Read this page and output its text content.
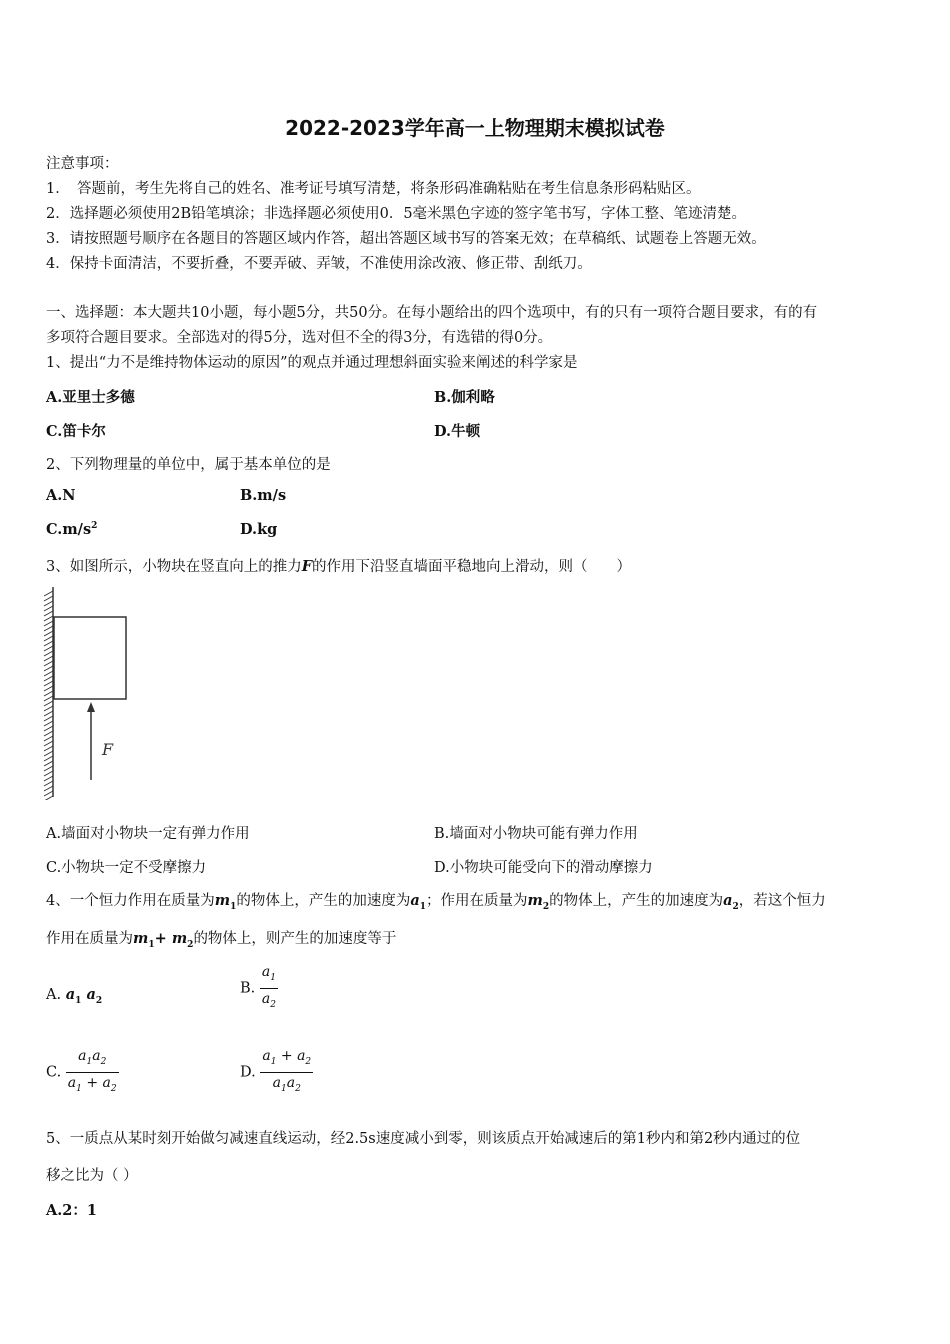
2022-2023学年高一上物理期末模拟试卷
注意事项：
1．　答题前，考生先将自己的姓名、准考证号填写清楚，将条形码准确粘贴在考生信息条形码粘贴区。
2．选择题必须使用2B铅笔填涂；非选择题必须使用0．5毫米黑色字迹的签字笔书写，字体工整、笔迹清楚。
3．请按照题号顺序在各题目的答题区域内作答，超出答题区域书写的答案无效；在草稿纸、试题卷上答题无效。
4．保持卡面清洁，不要折叠，不要弄破、弄皱，不准使用涂改液、修正带、刮纸刀。
一、选择题：本大题共10小题，每小题5分，共50分。在每小题给出的四个选项中，有的只有一项符合题目要求，有的有
多项符合题目要求。全部选对的得5分，选对但不全的得3分，有选错的得0分。
1、提出“力不是维持物体运动的原因”的观点并通过理想斜面实验来阐述的科学家是
A.亚里士多德	B.伽利略
C.笛卡尔	D.牛顿
2、下列物理量的单位中，属于基本单位的是
A.N	B.m/s
$C.m/s^2$	D.kg
3、如图所示，小物块在竖直向上的推力F的作用下沿竖直墙面平稳地向上滑动，则（　　）
F
A.墙面对小物块一定有弹力作用	B.墙面对小物块可能有弹力作用
C.小物块一定不受摩擦力	D.小物块可能受向下的滑动摩擦力
4、一个恒力作用在质量为$m_1$的物体上，产生的加速度为$a_1$；作用在质量为$m_2$的物体上，产生的加速度为$a_2$，若这个恒力
作用在质量为$m_1+ m_2$的物体上，则产生的加速度等于
A. $a_1$ $a_2$
B. $\frac{a_1}{a_2}$
C. $\frac{a_1a_2}{a_1 + a_2}$	D. $\frac{a_1 + a_2}{a_1a_2}$
5、一质点从某时刻开始做匀减速直线运动，经2.5s速度减小到零，则该质点开始减速后的第1秒内和第2秒内通过的位
移之比为（ ）
A.2：1
